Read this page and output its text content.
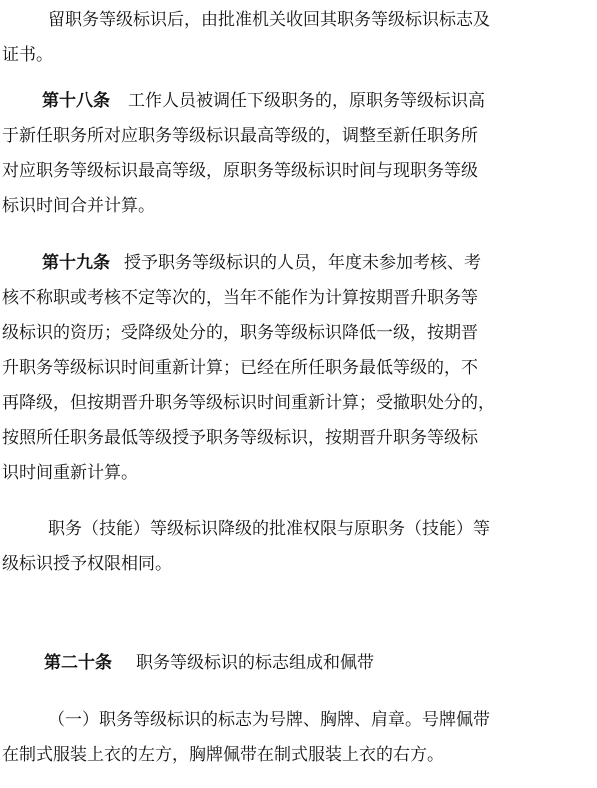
留职务等级标识后，由批准机关收回其职务等级标识标志及
证书。
第十八条 工作人员被调任下级职务的，原职务等级标识高
于新任职务所对应职务等级标识最高等级的，调整至新任职务所
对应职务等级标识最高等级，原职务等级标识时间与现职务等级
标识时间合并计算。
第十九条 授予职务等级标识的人员，年度未参加考核、考
核不称职或考核不定等次的，当年不能作为计算按期晋升职务等
级标识的资历；受降级处分的，职务等级标识降低一级，按期晋
升职务等级标识时间重新计算；已经在所任职务最低等级的，不
再降级，但按期晋升职务等级标识时间重新计算；受撤职处分的，
按照所任职务最低等级授予职务等级标识，按期晋升职务等级标
识时间重新计算。
职务（技能）等级标识降级的批准权限与原职务（技能）等
级标识授予权限相同。

第二十条 职务等级标识的标志组成和佩带
（一）职务等级标识的标志为号牌、胸牌、肩章。号牌佩带
在制式服装上衣的左方，胸牌佩带在制式服装上衣的右方。
